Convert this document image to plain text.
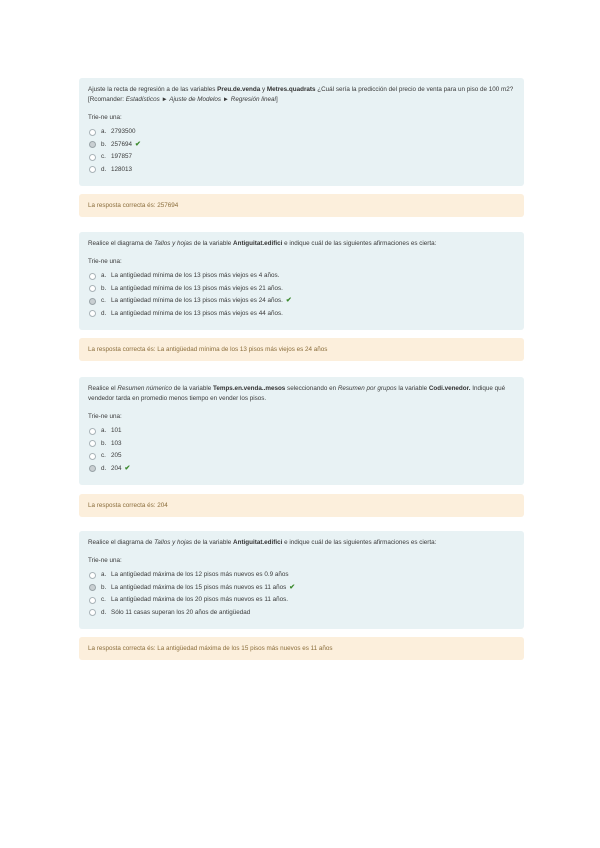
Ajuste la recta de regresión a de las variables Preu.de.venda y Metres.quadrats ¿Cuál sería la predicción del precio de venta para un piso de 100 m2? [Rcomander: Estadísticos ► Ajuste de Modelos ► Regresión lineal]

Trie-ne una:

a. 2793500
b. 257694 ✔
c. 197857
d. 128013
La resposta correcta és: 257694

Realice el diagrama de Tallos y hojas de la variable Antiguitat.edifici e indique cuál de las siguientes afirmaciones es cierta:

Trie-ne una:

a. La antigüedad mínima de los 13 pisos más viejos es 4 años.
b. La antigüedad mínima de los 13 pisos más viejos es 21 años.
c. La antigüedad mínima de los 13 pisos más viejos es 24 años. ✔
d. La antigüedad mínima de los 13 pisos más viejos es 44 años.
La resposta correcta és: La antigüedad mínima de los 13 pisos más viejos es 24 años

Realice el Resumen númerico de la variable Temps.en.venda..mesos seleccionando en Resumen por grupos la variable Codi.venedor. Indique qué vendedor tarda en promedio menos tiempo en vender los pisos.

Trie-ne una:

a. 101
b. 103
c. 205
d. 204 ✔
La resposta correcta és: 204

Realice el diagrama de Tallos y hojas de la variable Antiguitat.edifici e indique cuál de las siguientes afirmaciones es cierta:

Trie-ne una:

a. La antigüedad máxima de los 12 pisos más nuevos es 0.9 años
b. La antigüedad máxima de los 15 pisos más nuevos es 11 años ✔
c. La antigüedad máxima de los 20 pisos más nuevos es 11 años.
d. Sólo 11 casas superan los 20 años de antigüedad
La resposta correcta és: La antigüedad máxima de los 15 pisos más nuevos es 11 años
